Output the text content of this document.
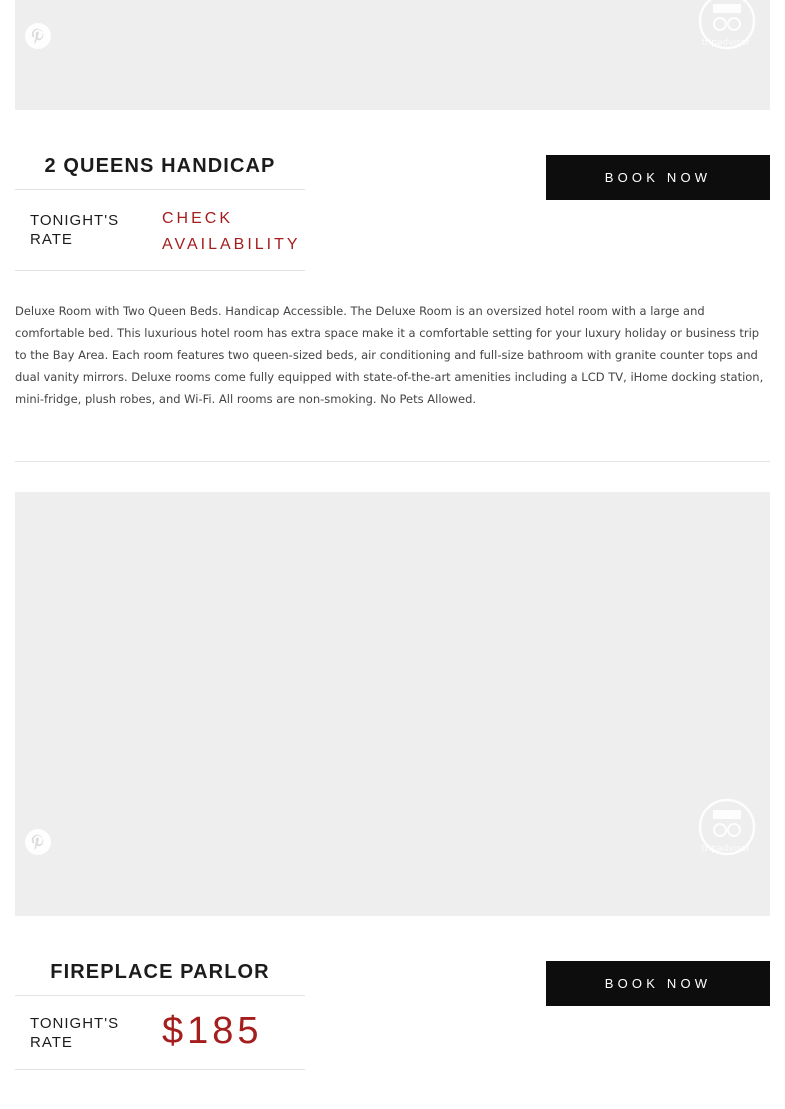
tripadvisor
2 QUEENS HANDICAP
BOOK NOW
TONIGHT'S RATE
CHECK AVAILABILITY
Deluxe Room with Two Queen Beds. Handicap Accessible. The Deluxe Room is an oversized hotel room with a large and comfortable bed. This luxurious hotel room has extra space make it a comfortable setting for your luxury holiday or business trip to the Bay Area. Each room features two queen-sized beds, air conditioning and full-size bathroom with granite counter tops and dual vanity mirrors. Deluxe rooms come fully equipped with state-of-the-art amenities including a LCD TV, iHome docking station, mini-fridge, plush robes, and Wi-Fi. All rooms are non-smoking. No Pets Allowed.
tripadvisor
FIREPLACE PARLOR
BOOK NOW
TONIGHT'S RATE	$185
